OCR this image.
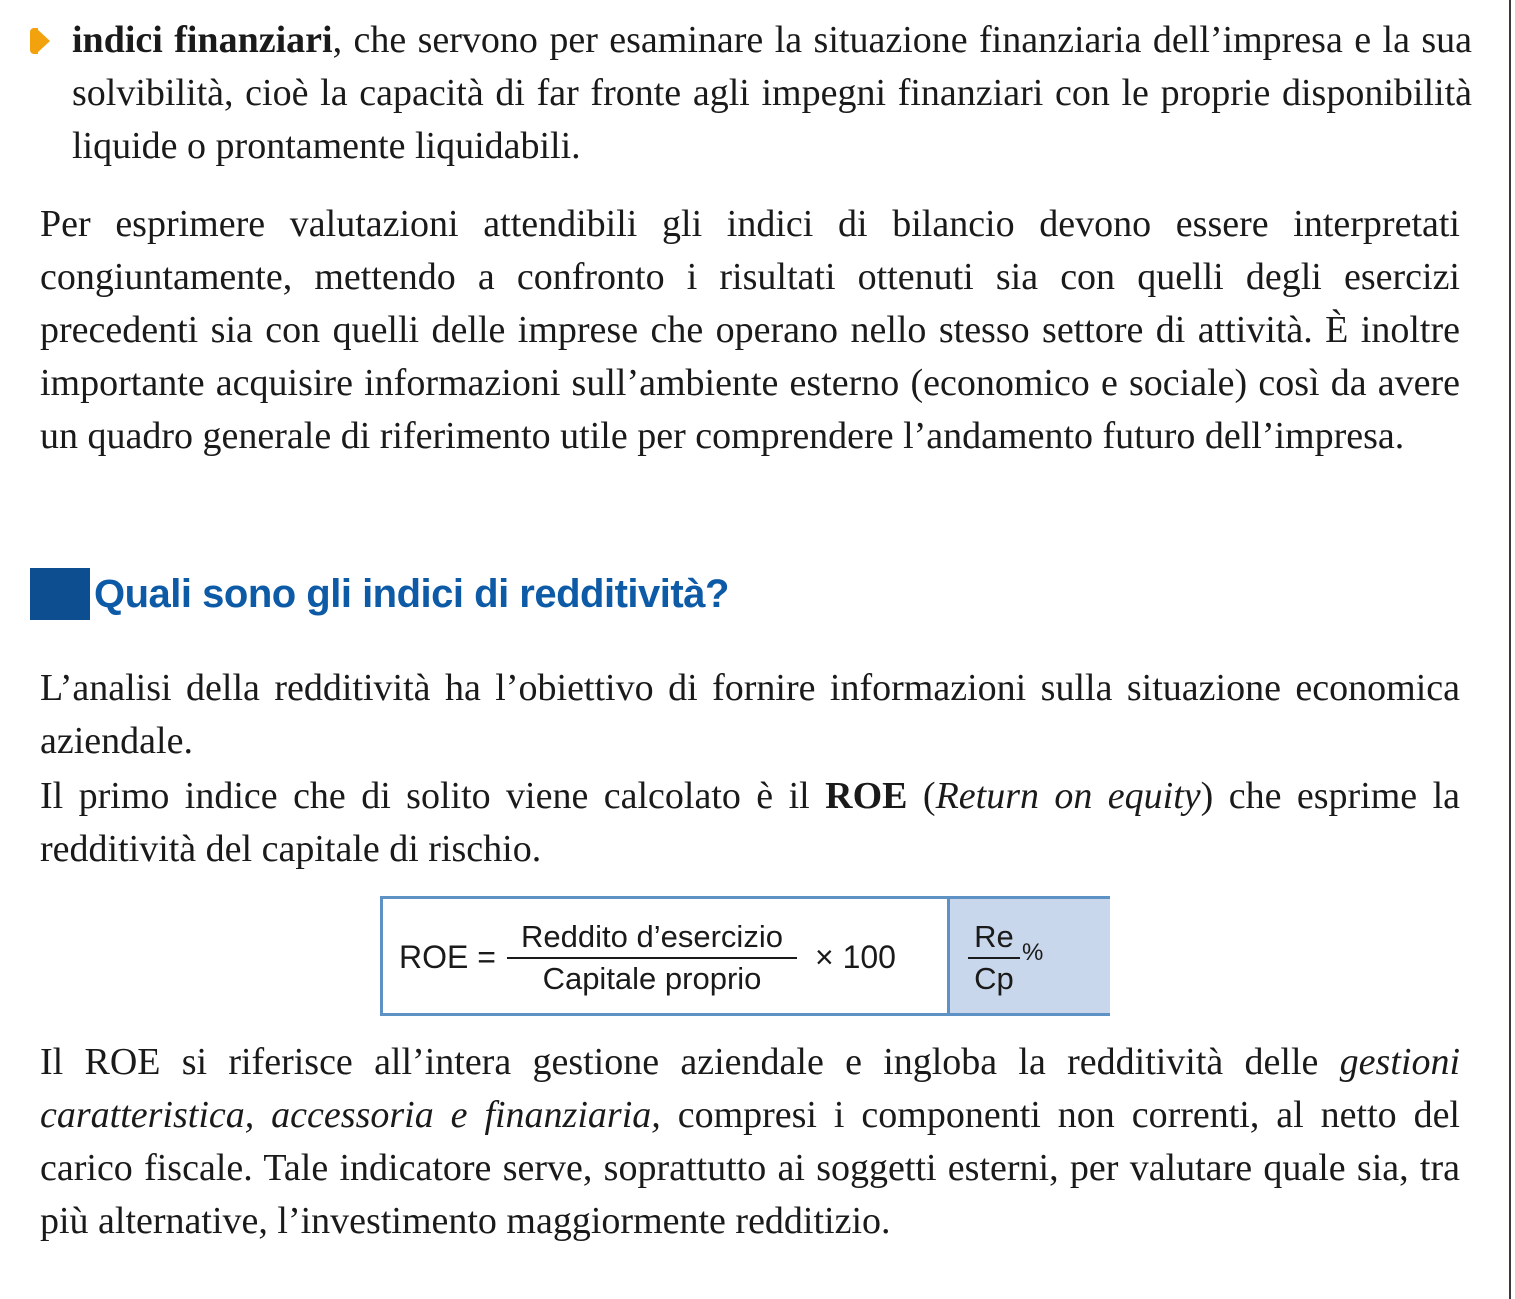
indici finanziari, che servono per esaminare la situazione finanziaria dell’impresa e la sua solvibilità, cioè la capacità di far fronte agli impegni finanziari con le proprie disponibilità liquide o prontamente liquidabili.
Per esprimere valutazioni attendibili gli indici di bilancio devono essere interpretati congiuntamente, mettendo a confronto i risultati ottenuti sia con quelli degli esercizi precedenti sia con quelli delle imprese che operano nello stesso settore di attività. È inoltre importante acquisire informazioni sull’ambiente esterno (economico e sociale) così da avere un quadro generale di riferimento utile per comprendere l’andamento futuro dell’impresa.
Quali sono gli indici di redditività?
L’analisi della redditività ha l’obiettivo di fornire informazioni sulla situazione economica aziendale.
Il primo indice che di solito viene calcolato è il ROE (Return on equity) che esprime la redditività del capitale di rischio.
ROE =
Reddito d’esercizio
Capitale proprio
× $100 \frac{Re}{Cp}$ %
Il ROE si riferisce all’intera gestione aziendale e ingloba la redditività delle gestioni caratteristica, accessoria e finanziaria, compresi i componenti non correnti, al netto del carico fiscale. Tale indicatore serve, soprattutto ai soggetti esterni, per valutare quale sia, tra più alternative, l’investimento maggiormente redditizio.
